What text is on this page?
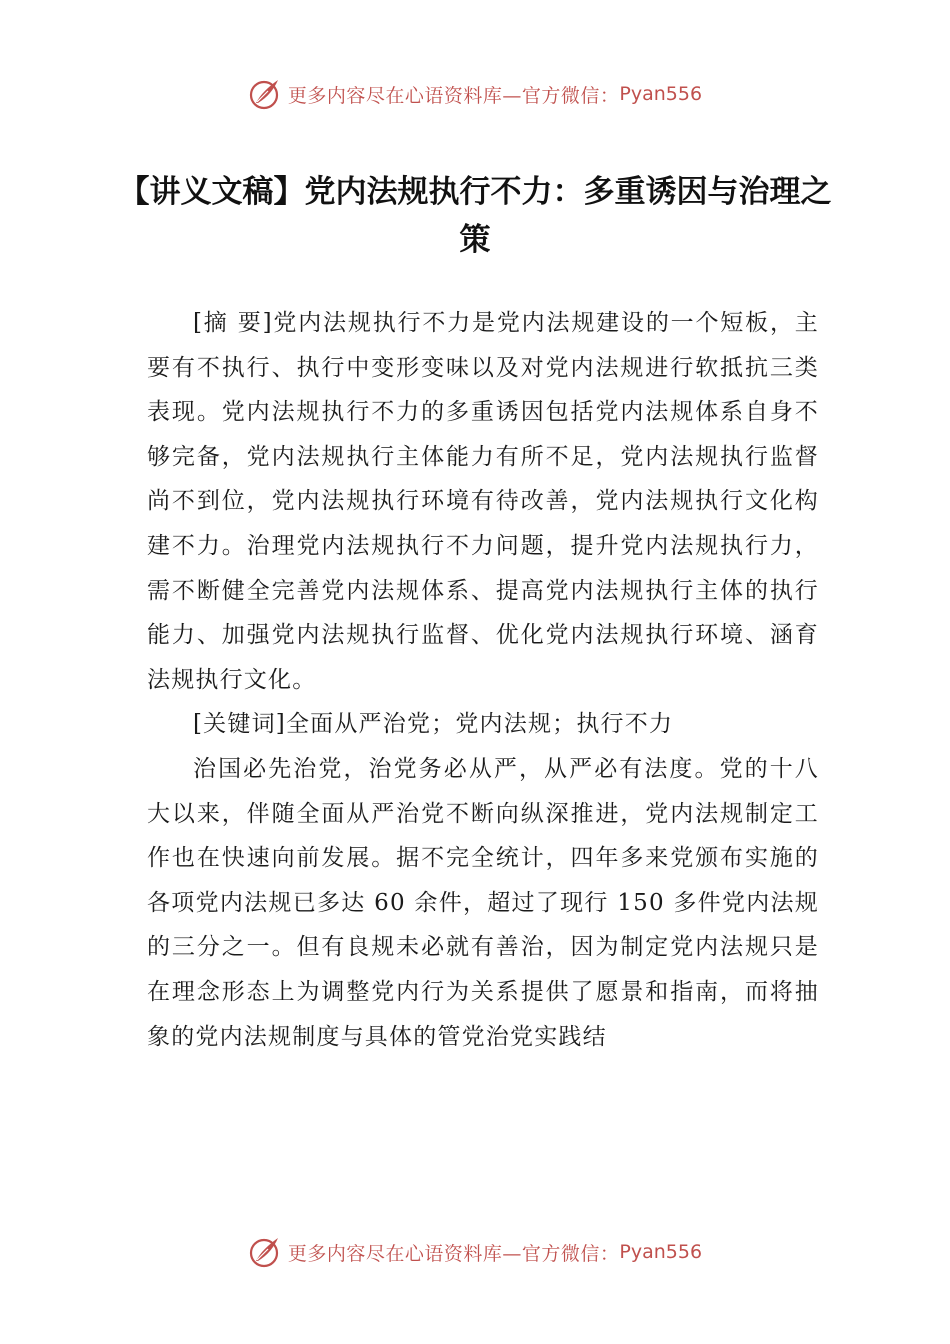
更多内容尽在心语资料库—官方微信： Pyan556
【讲义文稿】党内法规执行不力：多重诱因与治理之策

[摘 要]党内法规执行不力是党内法规建设的一个短板，主要有不执行、执行中变形变味以及对党内法规进行软抵抗三类表现。党内法规执行不力的多重诱因包括党内法规体系自身不够完备，党内法规执行主体能力有所不足，党内法规执行监督尚不到位，党内法规执行环境有待改善，党内法规执行文化构建不力。治理党内法规执行不力问题，提升党内法规执行力，需不断健全完善党内法规体系、提高党内法规执行主体的执行能力、加强党内法规执行监督、优化党内法规执行环境、涵育法规执行文化。

[关键词]全面从严治党；党内法规；执行不力

治国必先治党，治党务必从严，从严必有法度。党的十八大以来，伴随全面从严治党不断向纵深推进，党内法规制定工作也在快速向前发展。据不完全统计，四年多来党颁布实施的各项党内法规已多达 60 余件，超过了现行 150 多件党内法规的三分之一。但有良规未必就有善治，因为制定党内法规只是在理念形态上为调整党内行为关系提供了愿景和指南，而将抽象的党内法规制度与具体的管党治党实践结

更多内容尽在心语资料库—官方微信： Pyan556
